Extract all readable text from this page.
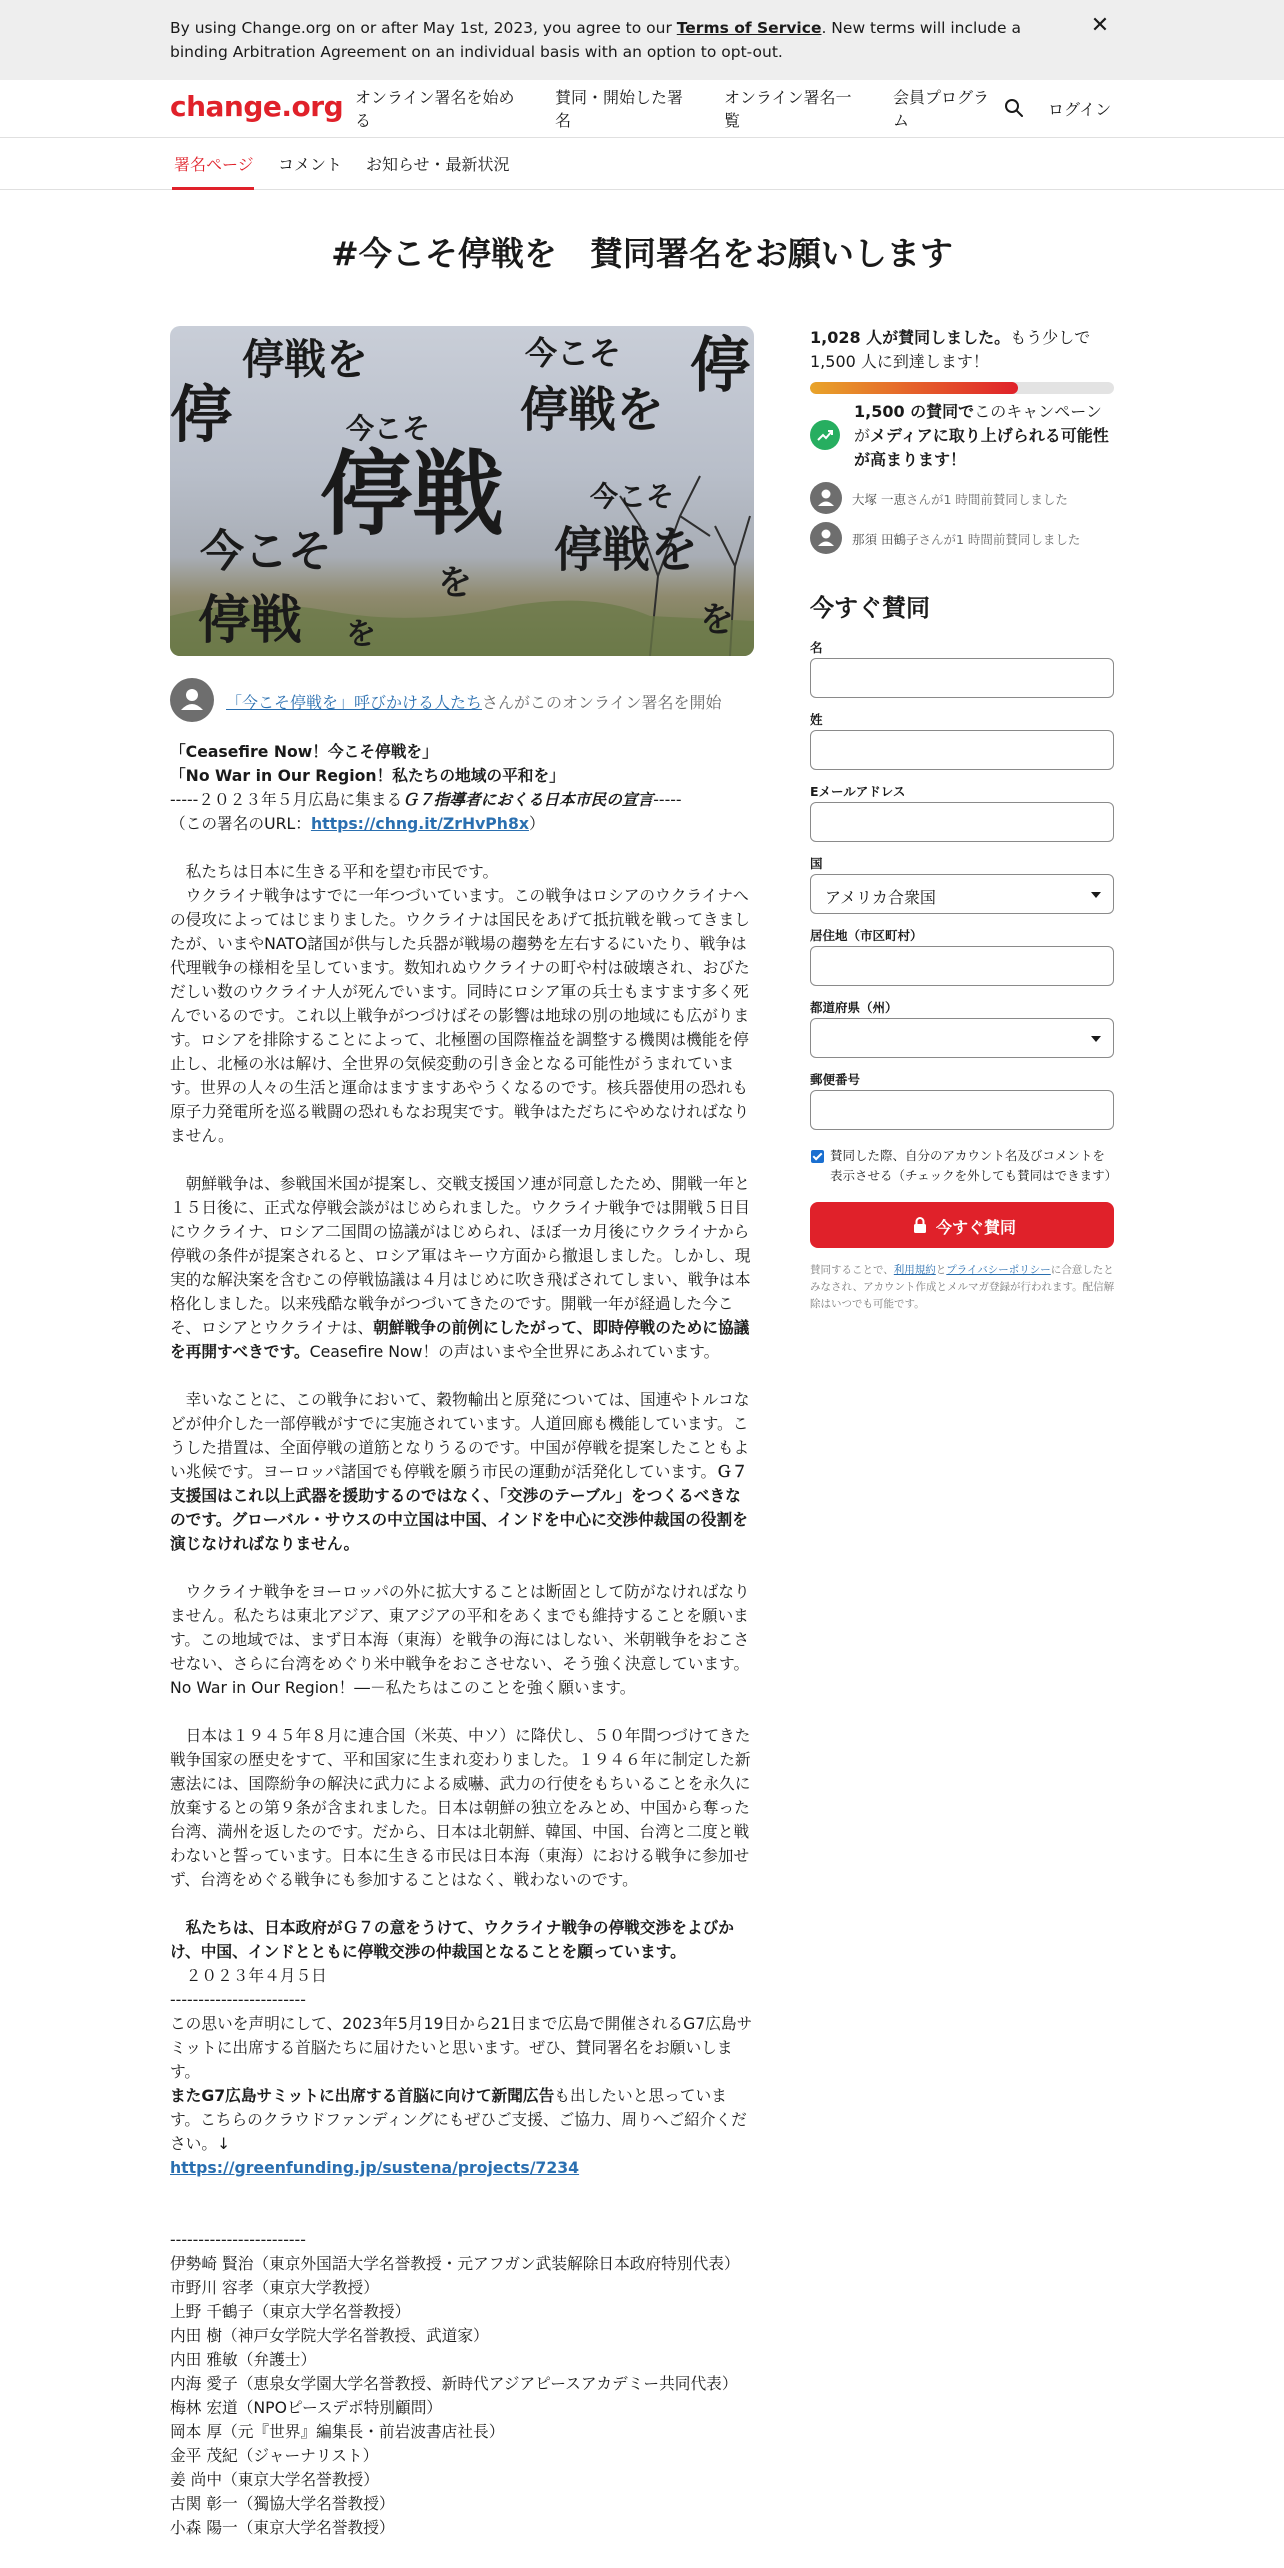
By using Change.org on or after May 1st, 2023, you agree to our Terms of Service. New terms will include a binding Arbitration Agreement on an individual basis with an option to opt-out.
✕
change.org オンライン署名を始め
る
賛同・開始した署
名
オンライン署名一
覧
会員プログラ
ム
ログイン
署名ページ コメント お知らせ・最新状況
#今こそ停戦を　賛同署名をお願いします
停戦を	今こそ
停戦を
今こそ
停戦
を
今こそ
停戦を
今こそ
停戦 を
停
停
を
「今こそ停戦を」呼びかける人たちさんがこのオンライン署名を開始

「Ceasefire Now！今こそ停戦を」

「No War in Our Region！私たちの地域の平和を」

-----２０２３年５月広島に集まるＧ７指導者におくる日本市民の宣言-----

（この署名のURL：https://chng.it/ZrHvPh8x）

　私たちは日本に生きる平和を望む市民です。

　ウクライナ戦争はすでに一年つづいています。この戦争はロシアのウクライナへの侵攻によってはじまりました。ウクライナは国民をあげて抵抗戦を戦ってきましたが、いまやNATO諸国が供与した兵器が戦場の趨勢を左右するにいたり、戦争は代理戦争の様相を呈しています。数知れぬウクライナの町や村は破壊され、おびただしい数のウクライナ人が死んでいます。同時にロシア軍の兵士もますます多く死んでいるのです。これ以上戦争がつづけばその影響は地球の別の地域にも広がります。ロシアを排除することによって、北極圏の国際権益を調整する機関は機能を停止し、北極の氷は解け、全世界の気候変動の引き金となる可能性がうまれています。世界の人々の生活と運命はますますあやうくなるのです。核兵器使用の恐れも原子力発電所を巡る戦闘の恐れもなお現実です。戦争はただちにやめなければなりません。

　朝鮮戦争は、参戦国米国が提案し、交戦支援国ソ連が同意したため、開戦一年と１５日後に、正式な停戦会談がはじめられました。ウクライナ戦争では開戦５日目にウクライナ、ロシア二国間の協議がはじめられ、ほぼ一カ月後にウクライナから停戦の条件が提案されると、ロシア軍はキーウ方面から撤退しました。しかし、現実的な解決案を含むこの停戦協議は４月はじめに吹き飛ばされてしまい、戦争は本格化しました。以来残酷な戦争がつづいてきたのです。開戦一年が経過した今こそ、ロシアとウクライナは、朝鮮戦争の前例にしたがって、即時停戦のために協議を再開すべきです。Ceasefire Now！の声はいまや全世界にあふれています。

　幸いなことに、この戦争において、穀物輸出と原発については、国連やトルコなどが仲介した一部停戦がすでに実施されています。人道回廊も機能しています。こうした措置は、全面停戦の道筋となりうるのです。中国が停戦を提案したこともよい兆候です。ヨーロッパ諸国でも停戦を願う市民の運動が活発化しています。Ｇ７支援国はこれ以上武器を援助するのではなく、「交渉のテーブル」をつくるべきなのです。グローバル・サウスの中立国は中国、インドを中心に交渉仲裁国の役割を演じなければなりません。

　ウクライナ戦争をヨーロッパの外に拡大することは断固として防がなければなりません。私たちは東北アジア、東アジアの平和をあくまでも維持することを願います。この地域では、まず日本海（東海）を戦争の海にはしない、米朝戦争をおこさせない、さらに台湾をめぐり米中戦争をおこさせない、そう強く決意しています。No War in Our Region！―－私たちはこのことを強く願います。

　日本は１９４５年８月に連合国（米英、中ソ）に降伏し、５０年間つづけてきた戦争国家の歴史をすて、平和国家に生まれ変わりました。１９４６年に制定した新憲法には、国際紛争の解決に武力による威嚇、武力の行使をもちいることを永久に放棄するとの第９条が含まれました。日本は朝鮮の独立をみとめ、中国から奪った台湾、満州を返したのです。だから、日本は北朝鮮、韓国、中国、台湾と二度と戦わないと誓っています。日本に生きる市民は日本海（東海）における戦争に参加せず、台湾をめぐる戦争にも参加することはなく、戦わないのです。

　私たちは、日本政府がＧ７の意をうけて、ウクライナ戦争の停戦交渉をよびかけ、中国、インドとともに停戦交渉の仲裁国となることを願っています。

　２０２３年４月５日

------------------------

この思いを声明にして、2023年5月19日から21日まで広島で開催されるG7広島サミットに出席する首脳たちに届けたいと思います。ぜひ、賛同署名をお願いします。

またG7広島サミットに出席する首脳に向けて新聞広告も出したいと思っています。こちらのクラウドファンディングにもぜひご支援、ご協力、周りへご紹介ください。↓

https://greenfunding.jp/sustena/projects/7234

------------------------

伊勢崎 賢治（東京外国語大学名誉教授・元アフガン武装解除日本政府特別代表）

市野川 容孝（東京大学教授）

上野 千鶴子（東京大学名誉教授）

内田 樹（神戸女学院大学名誉教授、武道家）

内田 雅敏（弁護士）

内海 愛子（恵泉女学園大学名誉教授、新時代アジアピースアカデミー共同代表）

梅林 宏道（NPOピースデポ特別顧問）

岡本 厚（元『世界』編集長・前岩波書店社長）

金平 茂紀（ジャーナリスト）

姜 尚中（東京大学名誉教授）

古関 彰一（獨協大学名誉教授）

小森 陽一（東京大学名誉教授）

1,028 人が賛同しました。もう少しで
1,500 人に到達します！
1,500 の賛同でこのキャンペーンがメディアに取り上げられる可能性が高まります！
大塚 一恵さんが1 時間前賛同しました
那須 田鶴子さんが1 時間前賛同しました
今すぐ賛同
名
姓
Eメールアドレス
国
アメリカ合衆国
居住地（市区町村）
都道府県（州）
郵便番号
賛同した際、自分のアカウント名及びコメントを表示させる（チェックを外しても賛同はできます）
今すぐ賛同
賛同することで、利用規約とプライバシーポリシーに合意したとみなされ、アカウント作成とメルマガ登録が行われます。配信解除はいつでも可能です。
